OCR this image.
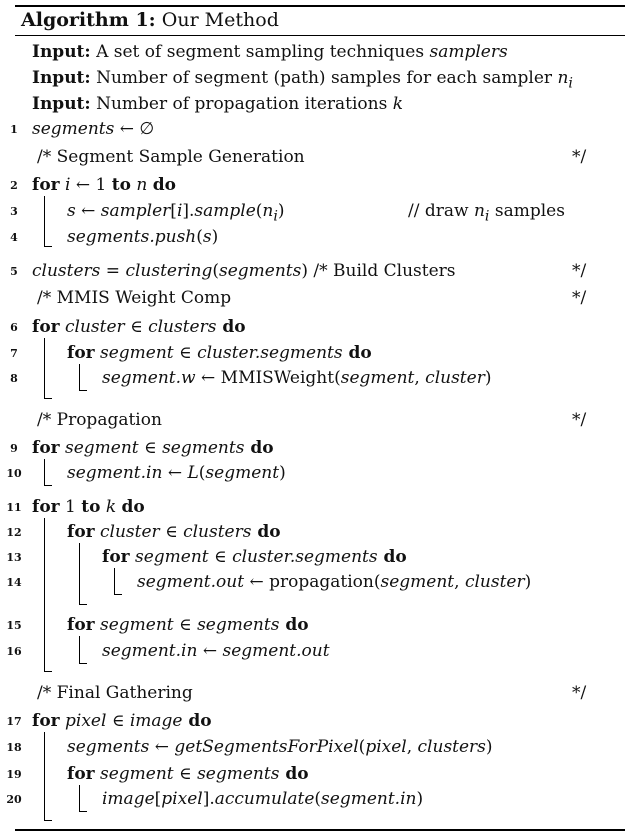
Algorithm 1: Our Method
Input: A set of segment sampling techniques samplers
Input: Number of segment (path) samples for each sampler $n_i$
Input: Number of propagation iterations k
1 segments ← ∅
/* Segment Sample Generation	*/
2 for i ← 1 to n do
3	s ← $sampler[i].sample(n_i)$	// draw $n_i$ samples
4	segments.push(s)
5 clusters = clustering(segments) /* Build Clusters	*/
/* MMIS Weight Comp	*/
6 for cluster ∈ clusters do
7	for segment ∈ cluster.segments do
8	segment.w ← MMISWeight(segment, cluster)
/* Propagation	*/
9 for segment ∈ segments do
10	segment.in ← L(segment)
11 for 1 to k do
12	for cluster ∈ clusters do
13	for segment ∈ cluster.segments do
14	segment.out ← propagation(segment, cluster)
15	for segment ∈ segments do
16	segment.in ← segment.out
/* Final Gathering	*/
17 for pixel ∈ image do
18	segments ← getSegmentsForPixel(pixel, clusters)
19	for segment ∈ segments do
20	image[pixel].accumulate(segment.in)
